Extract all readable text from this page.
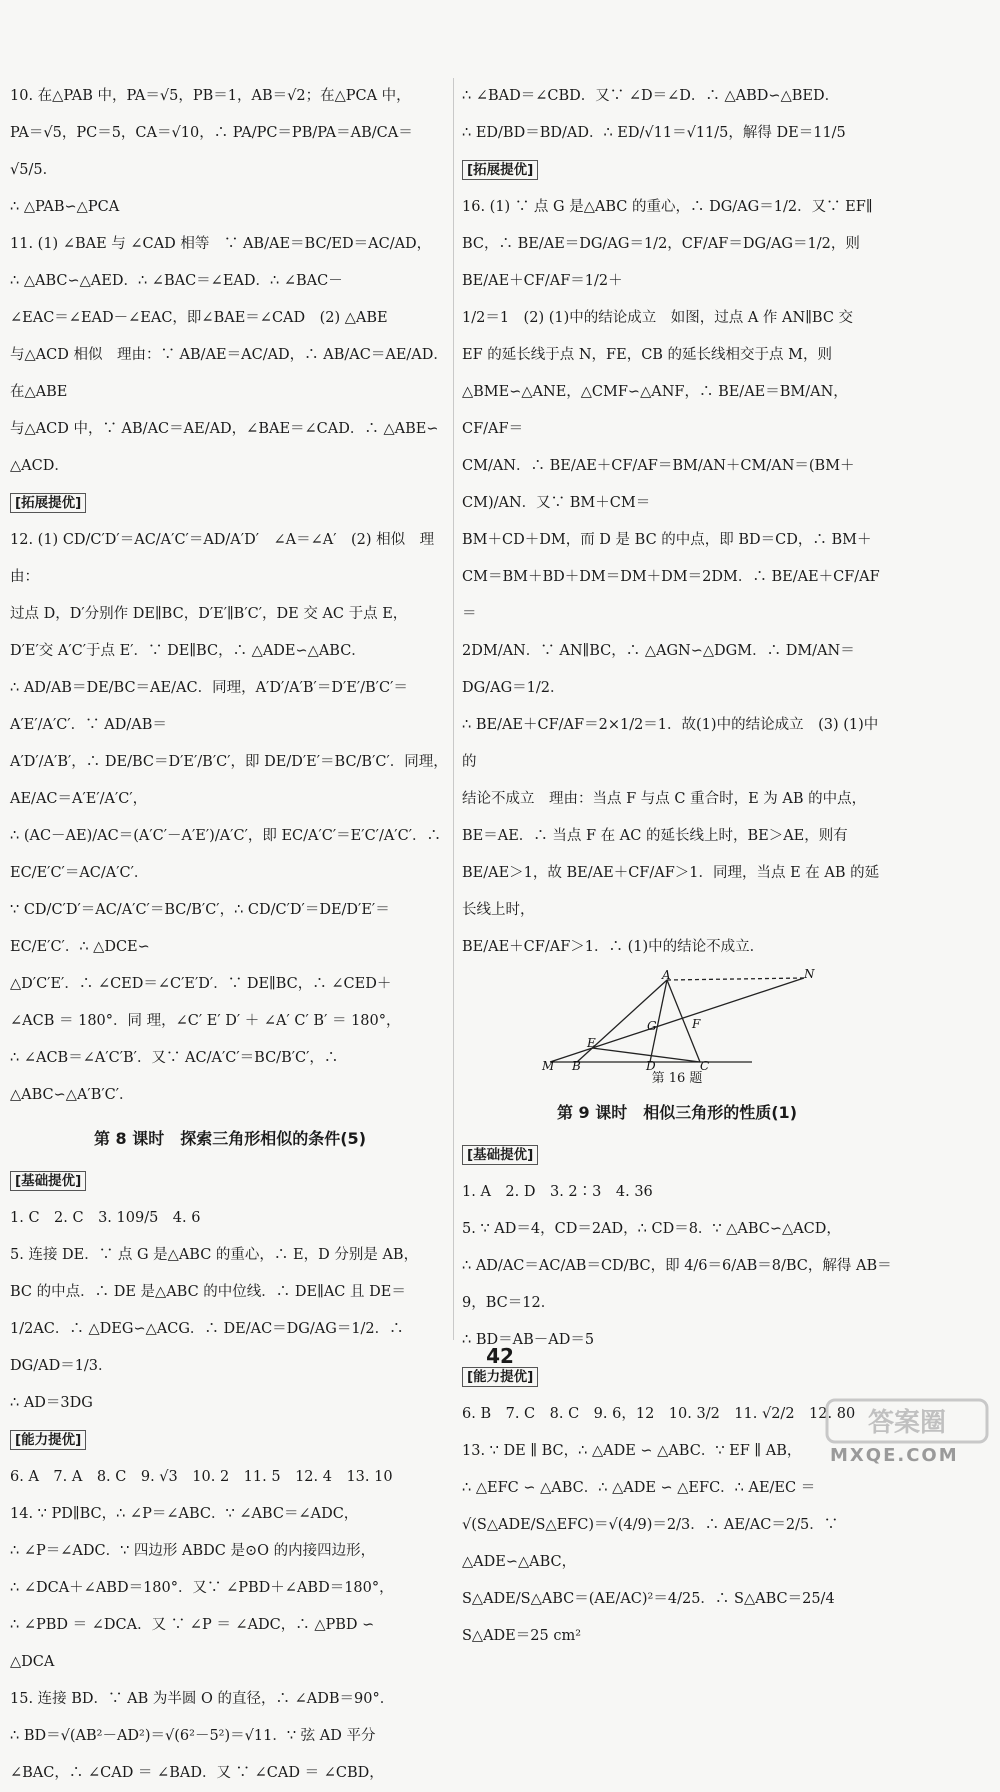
10. 在△PAB 中，PA＝√5，PB＝1，AB＝√2；在△PCA 中，
PA＝√5，PC＝5，CA＝√10，∴ PA/PC＝PB/PA＝AB/CA＝√5/5．
∴ △PAB∽△PCA
11. (1) ∠BAE 与 ∠CAD 相等　∵ AB/AE＝BC/ED＝AC/AD，
∴ △ABC∽△AED．∴ ∠BAC＝∠EAD．∴ ∠BAC－
∠EAC＝∠EAD－∠EAC，即∠BAE＝∠CAD　(2) △ABE
与△ACD 相似　理由：∵ AB/AE＝AC/AD，∴ AB/AC＝AE/AD．在△ABE
与△ACD 中，∵ AB/AC＝AE/AD，∠BAE＝∠CAD．∴ △ABE∽
△ACD．
[拓展提优]
12. (1) CD/C′D′＝AC/A′C′＝AD/A′D′　∠A＝∠A′　(2) 相似　理由：
过点 D，D′分别作 DE∥BC，D′E′∥B′C′，DE 交 AC 于点 E，
D′E′交 A′C′于点 E′．∵ DE∥BC，∴ △ADE∽△ABC．
∴ AD/AB＝DE/BC＝AE/AC．同理，A′D′/A′B′＝D′E′/B′C′＝A′E′/A′C′．∵ AD/AB＝
A′D′/A′B′，∴ DE/BC＝D′E′/B′C′，即 DE/D′E′＝BC/B′C′．同理，AE/AC＝A′E′/A′C′，
∴ (AC－AE)/AC＝(A′C′－A′E′)/A′C′，即 EC/A′C′＝E′C′/A′C′．∴ EC/E′C′＝AC/A′C′．
∵ CD/C′D′＝AC/A′C′＝BC/B′C′，∴ CD/C′D′＝DE/D′E′＝EC/E′C′．∴ △DCE∽
△D′C′E′．∴ ∠CED＝∠C′E′D′．∵ DE∥BC，∴ ∠CED＋
∠ACB ＝ 180°．同 理，∠C′ E′ D′ ＋ ∠A′ C′ B′ ＝ 180°，
∴ ∠ACB＝∠A′C′B′．又∵ AC/A′C′＝BC/B′C′，∴ △ABC∽△A′B′C′．
第 8 课时　探索三角形相似的条件(5)
[基础提优]
1. C　2. C　3. 109/5　4. 6
5. 连接 DE．∵ 点 G 是△ABC 的重心，∴ E，D 分别是 AB，
BC 的中点．∴ DE 是△ABC 的中位线．∴ DE∥AC 且 DE＝
1/2AC．∴ △DEG∽△ACG．∴ DE/AC＝DG/AG＝1/2．∴ DG/AD＝1/3．
∴ AD＝3DG
[能力提优]
6. A　7. A　8. C　9. √3　10. 2　11. 5　12. 4　13. 10
14. ∵ PD∥BC，∴ ∠P＝∠ABC．∵ ∠ABC＝∠ADC，
∴ ∠P＝∠ADC．∵ 四边形 ABDC 是⊙O 的内接四边形，
∴ ∠DCA＋∠ABD＝180°．又∵ ∠PBD＋∠ABD＝180°，
∴ ∠PBD ＝ ∠DCA．又 ∵ ∠P ＝ ∠ADC，∴ △PBD ∽
△DCA
15. 连接 BD．∵ AB 为半圆 O 的直径，∴ ∠ADB＝90°．
∴ BD＝√(AB²－AD²)＝√(6²－5²)＝√11．∵ 弦 AD 平分
∠BAC，∴ ∠CAD ＝ ∠BAD．又 ∵ ∠CAD ＝ ∠CBD，
∴ ∠BAD＝∠CBD．又∵ ∠D＝∠D．∴ △ABD∽△BED．
∴ ED/BD＝BD/AD．∴ ED/√11＝√11/5，解得 DE＝11/5
[拓展提优]
16. (1) ∵ 点 G 是△ABC 的重心，∴ DG/AG＝1/2．又∵ EF∥
BC，∴ BE/AE＝DG/AG＝1/2，CF/AF＝DG/AG＝1/2，则 BE/AE＋CF/AF＝1/2＋
1/2＝1　(2) (1)中的结论成立　如图，过点 A 作 AN∥BC 交
EF 的延长线于点 N，FE，CB 的延长线相交于点 M，则
△BME∽△ANE，△CMF∽△ANF，∴ BE/AE＝BM/AN，CF/AF＝
CM/AN．∴ BE/AE＋CF/AF＝BM/AN＋CM/AN＝(BM＋CM)/AN．又∵ BM＋CM＝
BM＋CD＋DM，而 D 是 BC 的中点，即 BD＝CD，∴ BM＋
CM＝BM＋BD＋DM＝DM＋DM＝2DM．∴ BE/AE＋CF/AF＝
2DM/AN．∵ AN∥BC，∴ △AGN∽△DGM．∴ DM/AN＝DG/AG＝1/2．
∴ BE/AE＋CF/AF＝2×1/2＝1．故(1)中的结论成立　(3) (1)中的
结论不成立　理由：当点 F 与点 C 重合时，E 为 AB 的中点，
BE＝AE．∴ 当点 F 在 AC 的延长线上时，BE＞AE，则有
BE/AE＞1，故 BE/AE＋CF/AF＞1．同理，当点 E 在 AB 的延长线上时，
BE/AE＋CF/AF＞1．∴ (1)中的结论不成立．
A	N
G	F
E
M B	D	C
第 16 题
第 9 课时　相似三角形的性质(1)
[基础提优]
1. A　2. D　3. 2∶3　4. 36
5. ∵ AD＝4，CD＝2AD，∴ CD＝8．∵ △ABC∽△ACD，
∴ AD/AC＝AC/AB＝CD/BC，即 4/6＝6/AB＝8/BC，解得 AB＝9，BC＝12．
∴ BD＝AB－AD＝5
[能力提优]
6. B　7. C　8. C　9. 6，12　10. 3/2　11. √2/2　12. 80
13. ∵ DE ∥ BC，∴ △ADE ∽ △ABC．∵ EF ∥ AB，
∴ △EFC ∽ △ABC．∴ △ADE ∽ △EFC．∴ AE/EC ＝
√(S△ADE/S△EFC)＝√(4/9)＝2/3．∴ AE/AC＝2/5．∵ △ADE∽△ABC，
S△ADE/S△ABC＝(AE/AC)²＝4/25．∴ S△ABC＝25/4 S△ADE＝25 cm²
42
答案圈
MXQE.COM
